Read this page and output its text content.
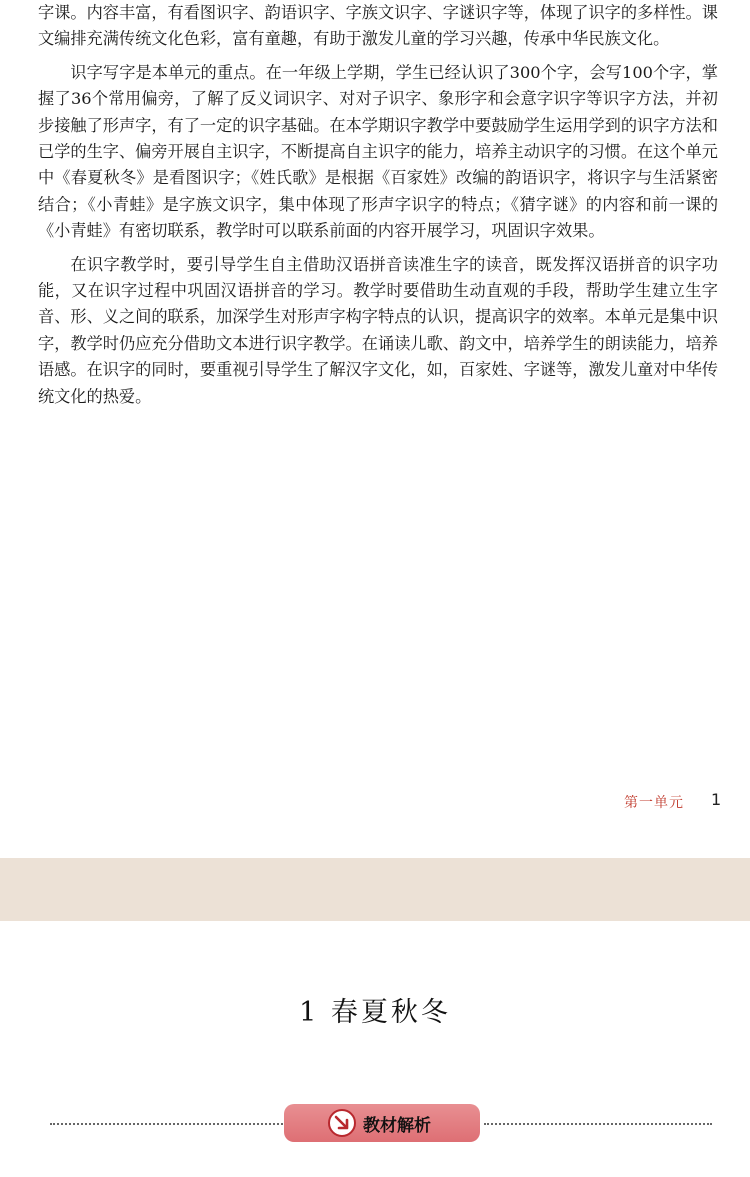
字课。内容丰富，有看图识字、韵语识字、字族文识字、字谜识字等，体现了识字的多样性。课文编排充满传统文化色彩，富有童趣，有助于激发儿童的学习兴趣，传承中华民族文化。

识字写字是本单元的重点。在一年级上学期，学生已经认识了300个字，会写100个字，掌握了36个常用偏旁，了解了反义词识字、对对子识字、象形字和会意字识字等识字方法，并初步接触了形声字，有了一定的识字基础。在本学期识字教学中要鼓励学生运用学到的识字方法和已学的生字、偏旁开展自主识字，不断提高自主识字的能力，培养主动识字的习惯。在这个单元中《春夏秋冬》是看图识字；《姓氏歌》是根据《百家姓》改编的韵语识字，将识字与生活紧密结合；《小青蛙》是字族文识字，集中体现了形声字识字的特点；《猜字谜》的内容和前一课的《小青蛙》有密切联系，教学时可以联系前面的内容开展学习，巩固识字效果。

在识字教学时，要引导学生自主借助汉语拼音读准生字的读音，既发挥汉语拼音的识字功能，又在识字过程中巩固汉语拼音的学习。教学时要借助生动直观的手段，帮助学生建立生字音、形、义之间的联系，加深学生对形声字构字特点的认识，提高识字的效率。本单元是集中识字，教学时仍应充分借助文本进行识字教学。在诵读儿歌、韵文中，培养学生的朗读能力，培养语感。在识字的同时，要重视引导学生了解汉字文化，如，百家姓、字谜等，激发儿童对中华传统文化的热爱。

第一单元 1
1 春夏秋冬
教材解析
